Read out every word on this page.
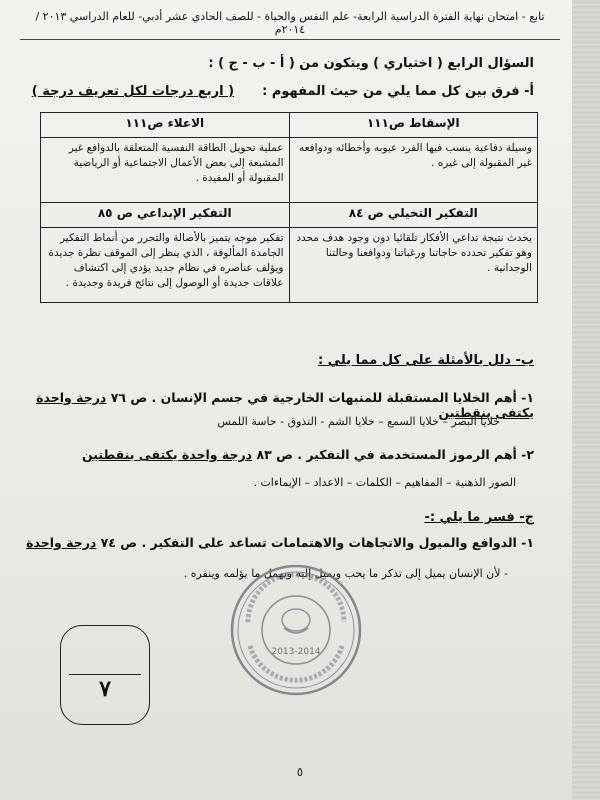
تابع - امتحان نهاية الفترة الدراسية الرابعة- علم النفس والحياة - للصف الحادي عشر أدبي- للعام الدراسي ٢٠١٣ / ٢٠١٤م
السؤال الرابع ( اختياري ) ويتكون من ( أ - ب - ج ) :
أ- فرق بين كل مما يلي من حيث المفهوم :( اربع درجات لكل تعريف درجة )
الإسقاط ص١١١	الاعلاء ص١١١
وسيلة دفاعية ينسب فيها الفرد عيوبه وأخطائه ودوافعه غير المقبولة إلى غيره .	عملية تحويل الطاقة النفسية المتعلقة بالدوافع غير المشبعة إلى بعض الأعمال الاجتماعية أو الرياضية المقبولة أو المفيدة .
التفكير التخيلي ص ٨٤	التفكير الإبداعي ص ٨٥
يحدث نتيجة تداعي الأفكار تلقائيا دون وجود هدف محدد وهو تفكير تحدده حاجاتنا ورغباتنا ودوافعنا وحالتنا الوجدانية .	تفكير موجه يتميز بالأصالة والتحرر من أنماط التفكير الجامدة المألوفة ، الذي ينظر إلى الموقف نظرة جديدة ويؤلف عناصره في نظام جديد يؤدي إلى اكتشاف علاقات جديدة أو الوصول إلى نتائج فريدة وجديدة .
ب- دلل بالأمثلة على كل مما يلي :
١- أهم الخلايا المستقبلة للمنبهات الخارجية في جسم الإنسان . ص ٧٦ درجة واحدة يكتفى بنقطتين
خلايا البصر – خلايا السمع – خلايا الشم - التذوق - حاسة اللمس
٢- أهم الرموز المستخدمة في التفكير . ص ٨٣ درجة واحدة يكتفى بنقطتين
الصور الذهنية – المفاهيم – الكلمات – الاعداد – الإيماءات .
ج- فسر ما يلي :-
١- الدوافع والميول والاتجاهات والاهتمامات تساعد على التفكير . ص ٧٤ درجة واحدة
- لأن الإنسان يميل إلى تذكر ما يحب ويميل إليه ويهمل ما يؤلمه وينفره .
2013-2014
٧
٥
